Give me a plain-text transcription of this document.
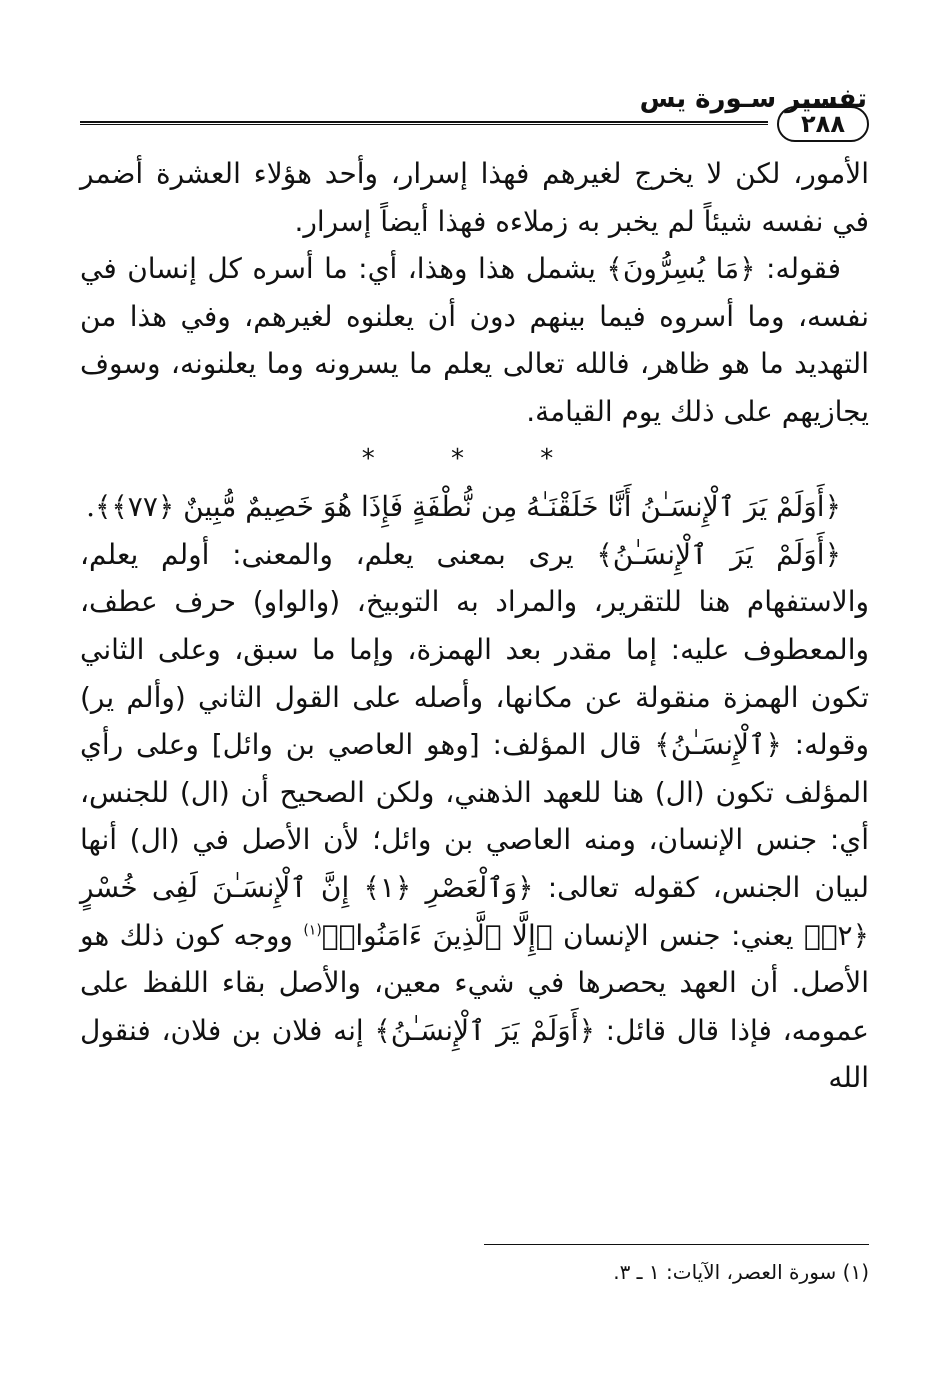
تفسير سـورة يس
٢٨٨

الأمور، لكن لا يخرج لغيرهم فهذا إسرار، وأحد هؤلاء العشرة أضمر في نفسه شيئاً لم يخبر به زملاءه فهذا أيضاً إسرار.

فقوله: ﴿مَا يُسِرُّونَ﴾ يشمل هذا وهذا، أي: ما أسره كل إنسان في نفسه، وما أسروه فيما بينهم دون أن يعلنوه لغيرهم، وفي هذا من التهديد ما هو ظاهر، فالله تعالى يعلم ما يسرونه وما يعلنونه، وسوف يجازيهم على ذلك يوم القيامة.

* * *

﴿أَوَلَمْ يَرَ ٱلْإِنسَـٰنُ أَنَّا خَلَقْنَـٰهُ مِن نُّطْفَةٍ فَإِذَا هُوَ خَصِيمٌ مُّبِينٌ ﴿٧٧﴾﴾.

﴿أَوَلَمْ يَرَ ٱلْإِنسَـٰنُ﴾ يرى بمعنى يعلم، والمعنى: أولم يعلم، والاستفهام هنا للتقرير، والمراد به التوبيخ، (والواو) حرف عطف، والمعطوف عليه: إما مقدر بعد الهمزة، وإما ما سبق، وعلى الثاني تكون الهمزة منقولة عن مكانها، وأصله على القول الثاني (وألم ير) وقوله: ﴿ٱلْإِنسَـٰنُ﴾ قال المؤلف: [وهو العاصي بن وائل] وعلى رأي المؤلف تكون (ال) هنا للعهد الذهني، ولكن الصحيح أن (ال) للجنس، أي: جنس الإنسان، ومنه العاصي بن وائل؛ لأن الأصل في (ال) أنها لبيان الجنس، كقوله تعالى: ﴿وَٱلْعَصْرِ ﴿١﴾ إِنَّ ٱلْإِنسَـٰنَ لَفِى خُسْرٍ ﴿٢﴾﴾ يعني: جنس الإنسان ﴿إِلَّا ٱلَّذِينَ ءَامَنُوا۟﴾$^{(١)}$ ووجه كون ذلك هو الأصل. أن العهد يحصرها في شيء معين، والأصل بقاء اللفظ على عمومه، فإذا قال قائل: ﴿أَوَلَمْ يَرَ ٱلْإِنسَـٰنُ﴾ إنه فلان بن فلان، فنقول الله

(١) سورة العصر، الآيات: ١ ـ ٣.
